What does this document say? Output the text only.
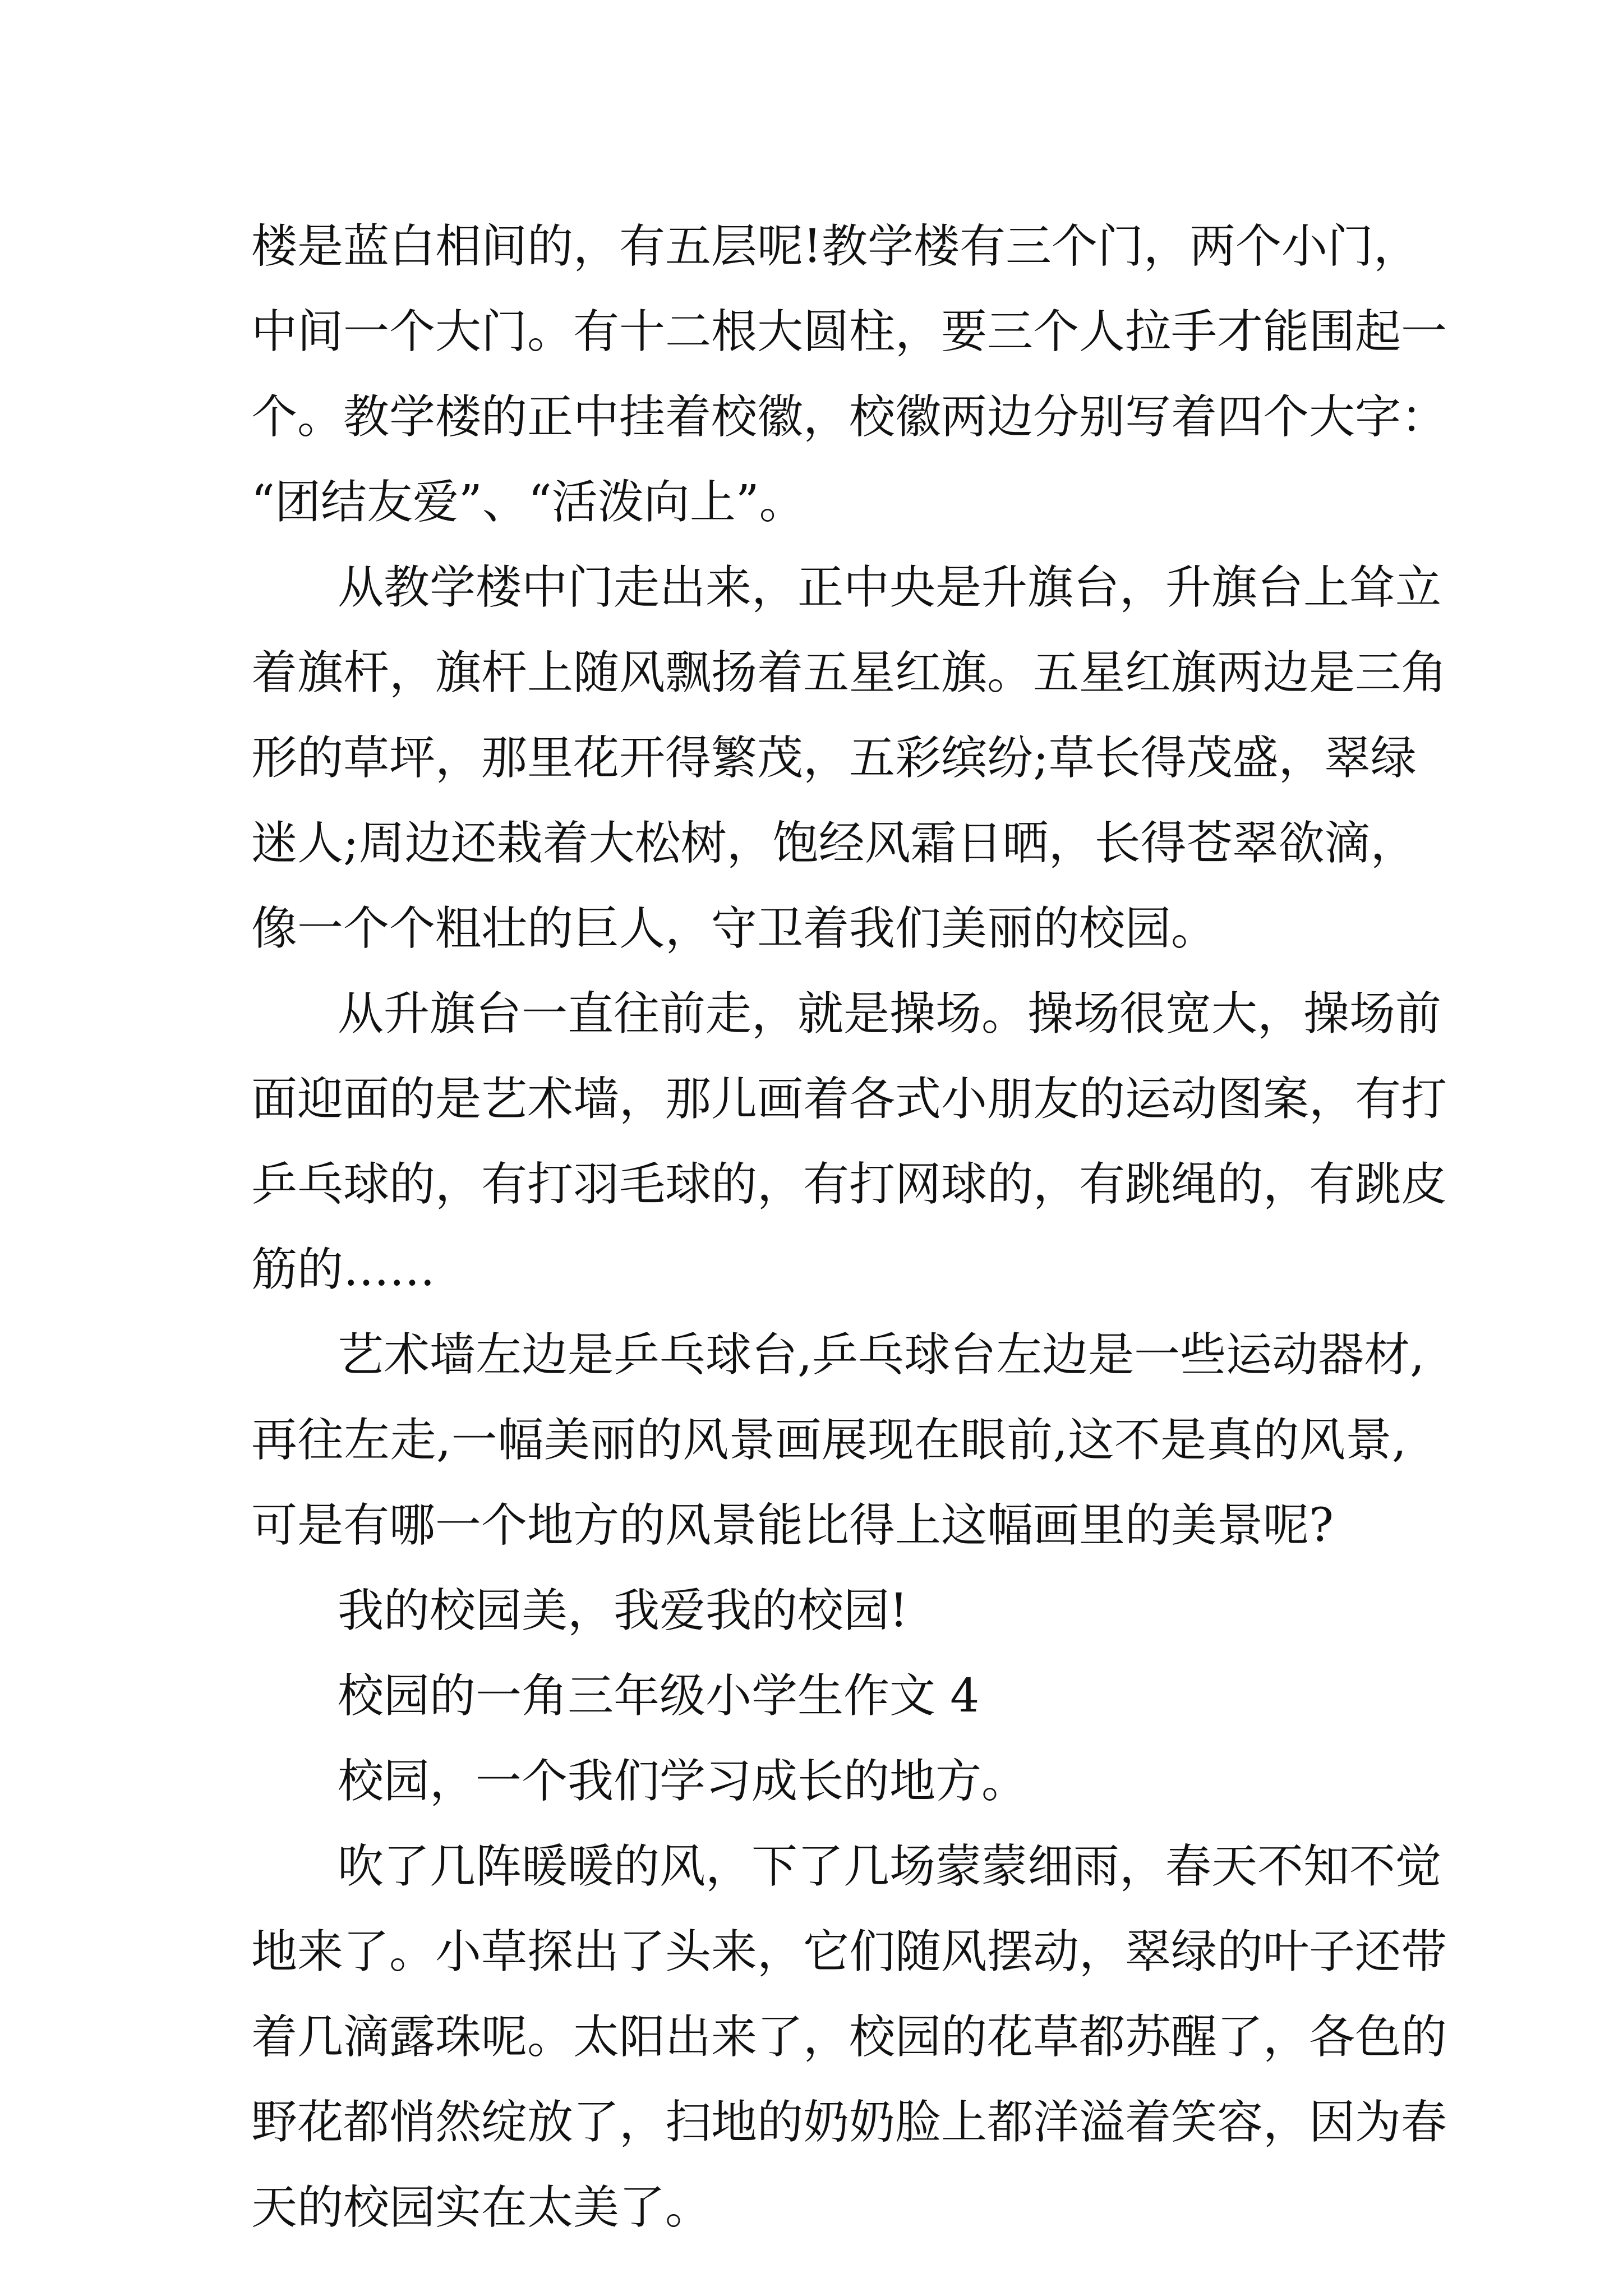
楼是蓝白相间的，有五层呢!教学楼有三个门，两个小门，
中间一个大门。有十二根大圆柱，要三个人拉手才能围起一
个。教学楼的正中挂着校徽，校徽两边分别写着四个大字：
“团结友爱”、“活泼向上”。
从教学楼中门走出来，正中央是升旗台，升旗台上耸立
着旗杆，旗杆上随风飘扬着五星红旗。五星红旗两边是三角
形的草坪，那里花开得繁茂，五彩缤纷;草长得茂盛，翠绿
迷人;周边还栽着大松树，饱经风霜日晒，长得苍翠欲滴，
像一个个粗壮的巨人，守卫着我们美丽的校园。
从升旗台一直往前走，就是操场。操场很宽大，操场前
面迎面的是艺术墙，那儿画着各式小朋友的运动图案，有打
乒乓球的，有打羽毛球的，有打网球的，有跳绳的，有跳皮
筋的……
艺术墙左边是乒乓球台,乒乓球台左边是一些运动器材,
再往左走,一幅美丽的风景画展现在眼前,这不是真的风景,
可是有哪一个地方的风景能比得上这幅画里的美景呢?
我的校园美，我爱我的校园!
校园的一角三年级小学生作文 4
校园，一个我们学习成长的地方。
吹了几阵暖暖的风，下了几场蒙蒙细雨，春天不知不觉
地来了。小草探出了头来，它们随风摆动，翠绿的叶子还带
着几滴露珠呢。太阳出来了，校园的花草都苏醒了，各色的
野花都悄然绽放了，扫地的奶奶脸上都洋溢着笑容，因为春
天的校园实在太美了。
